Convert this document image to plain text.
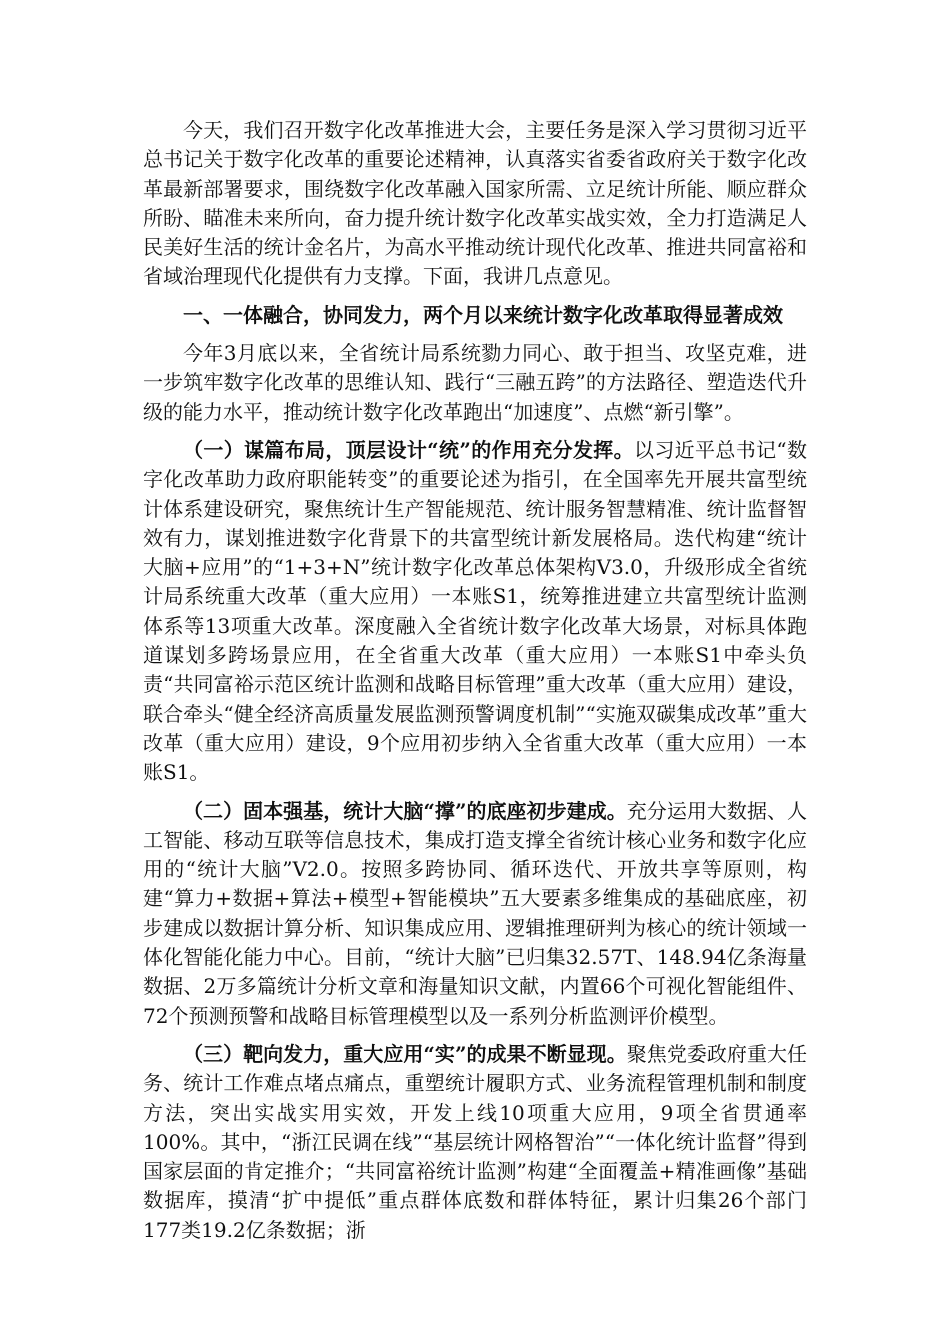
今天，我们召开数字化改革推进大会，主要任务是深入学习贯彻习近平总书记关于数字化改革的重要论述精神，认真落实省委省政府关于数字化改革最新部署要求，围绕数字化改革融入国家所需、立足统计所能、顺应群众所盼、瞄准未来所向，奋力提升统计数字化改革实战实效，全力打造满足人民美好生活的统计金名片，为高水平推动统计现代化改革、推进共同富裕和省域治理现代化提供有力支撑。下面，我讲几点意见。

一、一体融合，协同发力，两个月以来统计数字化改革取得显著成效

今年3月底以来，全省统计局系统勠力同心、敢于担当、攻坚克难，进一步筑牢数字化改革的思维认知、践行“三融五跨”的方法路径、塑造迭代升级的能力水平，推动统计数字化改革跑出“加速度”、点燃“新引擎”。

（一）谋篇布局，顶层设计“统”的作用充分发挥。以习近平总书记“数字化改革助力政府职能转变”的重要论述为指引，在全国率先开展共富型统计体系建设研究，聚焦统计生产智能规范、统计服务智慧精准、统计监督智效有力，谋划推进数字化背景下的共富型统计新发展格局。迭代构建“统计大脑+应用”的“1+3+N”统计数字化改革总体架构V3.0，升级形成全省统计局系统重大改革（重大应用）一本账S1，统筹推进建立共富型统计监测体系等13项重大改革。深度融入全省统计数字化改革大场景，对标具体跑道谋划多跨场景应用，在全省重大改革（重大应用）一本账S1中牵头负责“共同富裕示范区统计监测和战略目标管理”重大改革（重大应用）建设，联合牵头“健全经济高质量发展监测预警调度机制”“实施双碳集成改革”重大改革（重大应用）建设，9个应用初步纳入全省重大改革（重大应用）一本账S1。

（二）固本强基，统计大脑“撑”的底座初步建成。充分运用大数据、人工智能、移动互联等信息技术，集成打造支撑全省统计核心业务和数字化应用的“统计大脑”V2.0。按照多跨协同、循环迭代、开放共享等原则，构建“算力+数据+算法+模型+智能模块”五大要素多维集成的基础底座，初步建成以数据计算分析、知识集成应用、逻辑推理研判为核心的统计领域一体化智能化能力中心。目前，“统计大脑”已归集32.57T、148.94亿条海量数据、2万多篇统计分析文章和海量知识文献，内置66个可视化智能组件、72个预测预警和战略目标管理模型以及一系列分析监测评价模型。

（三）靶向发力，重大应用“实”的成果不断显现。聚焦党委政府重大任务、统计工作难点堵点痛点，重塑统计履职方式、业务流程管理机制和制度方法，突出实战实用实效，开发上线10项重大应用，9项全省贯通率100%。其中，“浙江民调在线”“基层统计网格智治”“一体化统计监督”得到国家层面的肯定推介；“共同富裕统计监测”构建“全面覆盖+精准画像”基础数据库，摸清“扩中提低”重点群体底数和群体特征，累计归集26个部门177类19.2亿条数据；浙
